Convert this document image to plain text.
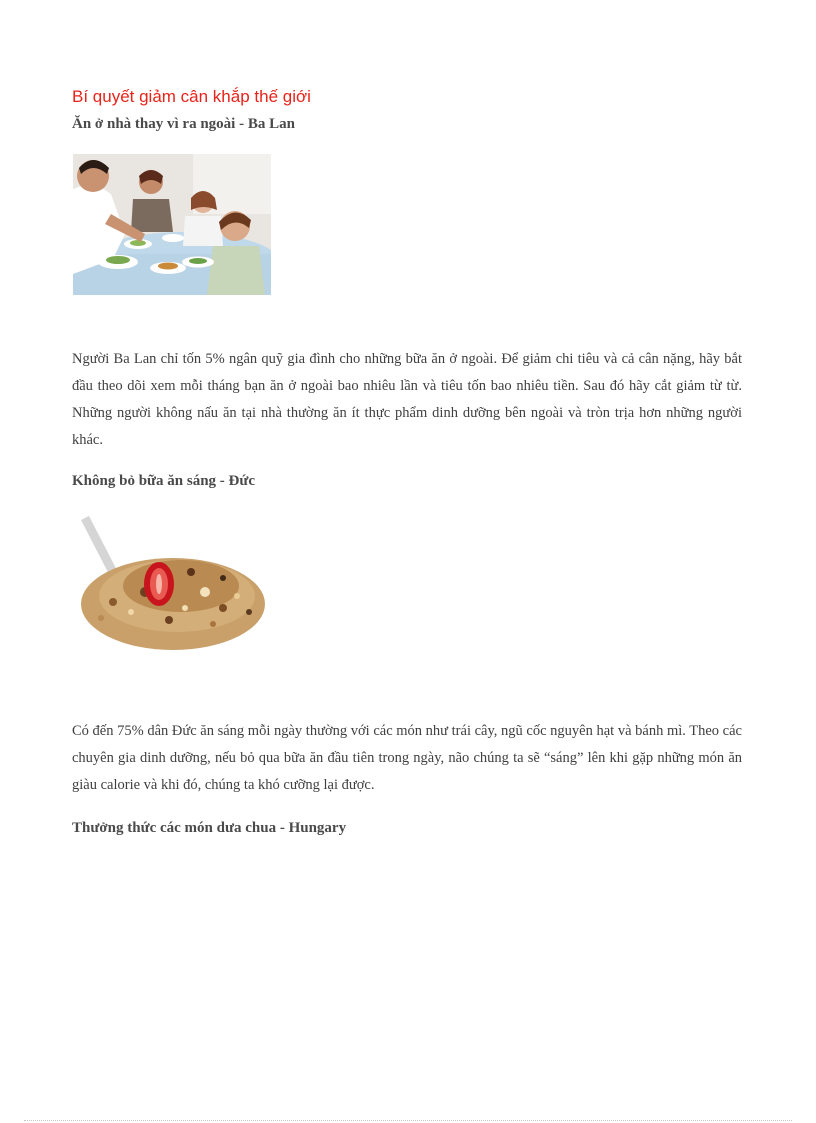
Bí quyết giảm cân khắp thế giới
Ăn ở nhà thay vì ra ngoài - Ba Lan

Người Ba Lan chỉ tốn 5% ngân quỹ gia đình cho những bữa ăn ở ngoài. Để giảm chi tiêu và cả cân nặng, hãy bắt đầu theo dõi xem mỗi tháng bạn ăn ở ngoài bao nhiêu lần và tiêu tốn bao nhiêu tiền. Sau đó hãy cắt giảm từ từ. Những người không nấu ăn tại nhà thường ăn ít thực phẩm dinh dưỡng bên ngoài và tròn trịa hơn những người khác.

Không bỏ bữa ăn sáng - Đức

Có đến 75% dân Đức ăn sáng mỗi ngày thường với các món như trái cây, ngũ cốc nguyên hạt và bánh mì. Theo các chuyên gia dinh dưỡng, nếu bỏ qua bữa ăn đầu tiên trong ngày, não chúng ta sẽ “sáng” lên khi gặp những món ăn giàu calorie và khi đó, chúng ta khó cưỡng lại được.

Thưởng thức các món dưa chua - Hungary
